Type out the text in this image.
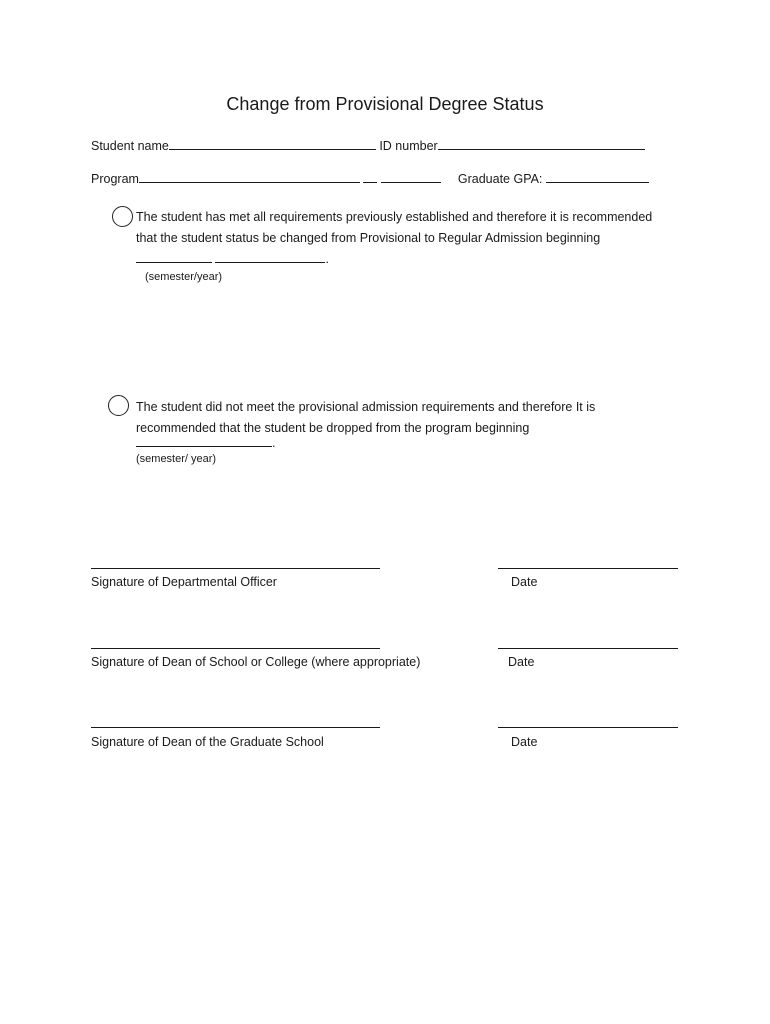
Change from Provisional Degree Status
Student name	ID number
Program	Graduate GPA:
The student has met all requirements previously established and therefore it is recommended
that the student status be changed from Provisional to Regular Admission beginning
.
(semester/year)
The student did not meet the provisional admission requirements and therefore It is
recommended that the student be dropped from the program beginning
.
(semester/ year)
Signature of Departmental Officer	Date
Signature of Dean of School or College (where appropriate)	Date
Signature of Dean of the Graduate School	Date
